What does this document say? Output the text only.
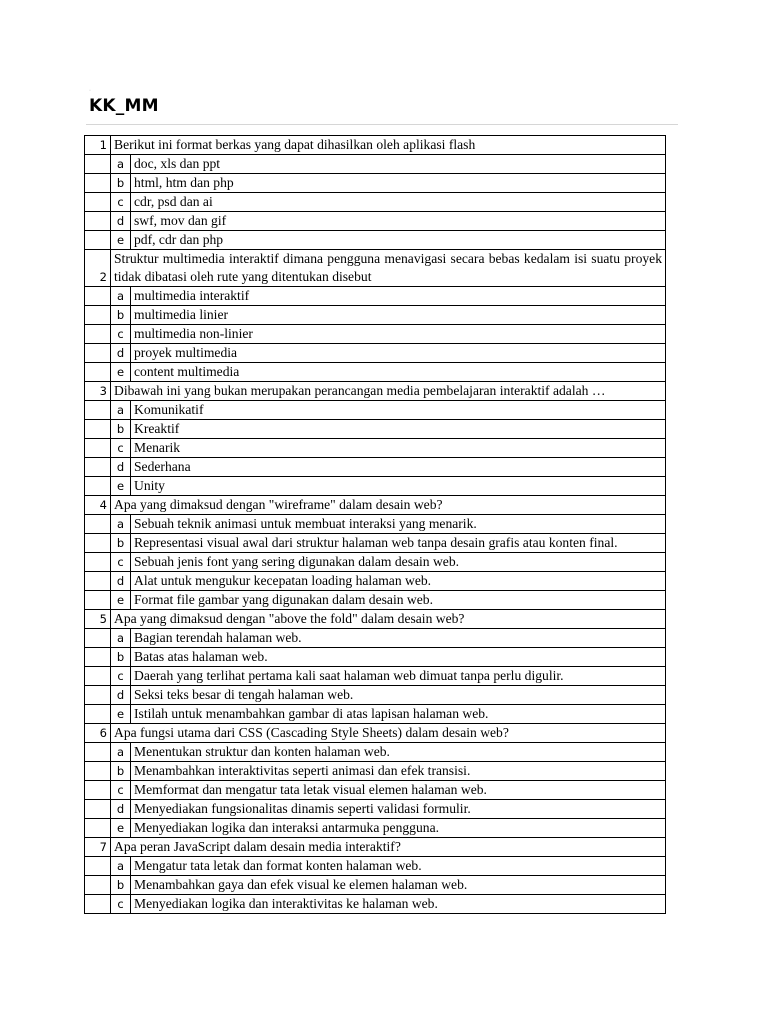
·
KK_MM
1	Berikut ini format berkas yang dapat dihasilkan oleh aplikasi flash	
	a	doc, xls dan ppt
	b	html, htm dan php
	c	cdr, psd dan ai
	d	swf, mov dan gif
	e	pdf, cdr dan php
2	Struktur multimedia interaktif dimana pengguna menavigasi secara bebas kedalam isi suatu proyek tidak dibatasi oleh rute yang ditentukan disebut	
	a	multimedia interaktif
	b	multimedia linier
	c	multimedia non-linier
	d	proyek multimedia
	e	content multimedia
3	Dibawah ini yang bukan merupakan perancangan media pembelajaran interaktif adalah …	
	a	Komunikatif
	b	Kreaktif
	c	Menarik
	d	Sederhana
	e	Unity
4	Apa yang dimaksud dengan "wireframe" dalam desain web?	
	a	Sebuah teknik animasi untuk membuat interaksi yang menarik.
	b	Representasi visual awal dari struktur halaman web tanpa desain grafis atau konten final.
	c	Sebuah jenis font yang sering digunakan dalam desain web.
	d	Alat untuk mengukur kecepatan loading halaman web.
	e	Format file gambar yang digunakan dalam desain web.
5	Apa yang dimaksud dengan "above the fold" dalam desain web?	
	a	Bagian terendah halaman web.
	b	Batas atas halaman web.
	c	Daerah yang terlihat pertama kali saat halaman web dimuat tanpa perlu digulir.
	d	Seksi teks besar di tengah halaman web.
	e	Istilah untuk menambahkan gambar di atas lapisan halaman web.
6	Apa fungsi utama dari CSS (Cascading Style Sheets) dalam desain web?	
	a	Menentukan struktur dan konten halaman web.
	b	Menambahkan interaktivitas seperti animasi dan efek transisi.
	c	Memformat dan mengatur tata letak visual elemen halaman web.
	d	Menyediakan fungsionalitas dinamis seperti validasi formulir.
	e	Menyediakan logika dan interaksi antarmuka pengguna.
7	Apa peran JavaScript dalam desain media interaktif?	
	a	Mengatur tata letak dan format konten halaman web.
	b	Menambahkan gaya dan efek visual ke elemen halaman web.
	c	Menyediakan logika dan interaktivitas ke halaman web.
